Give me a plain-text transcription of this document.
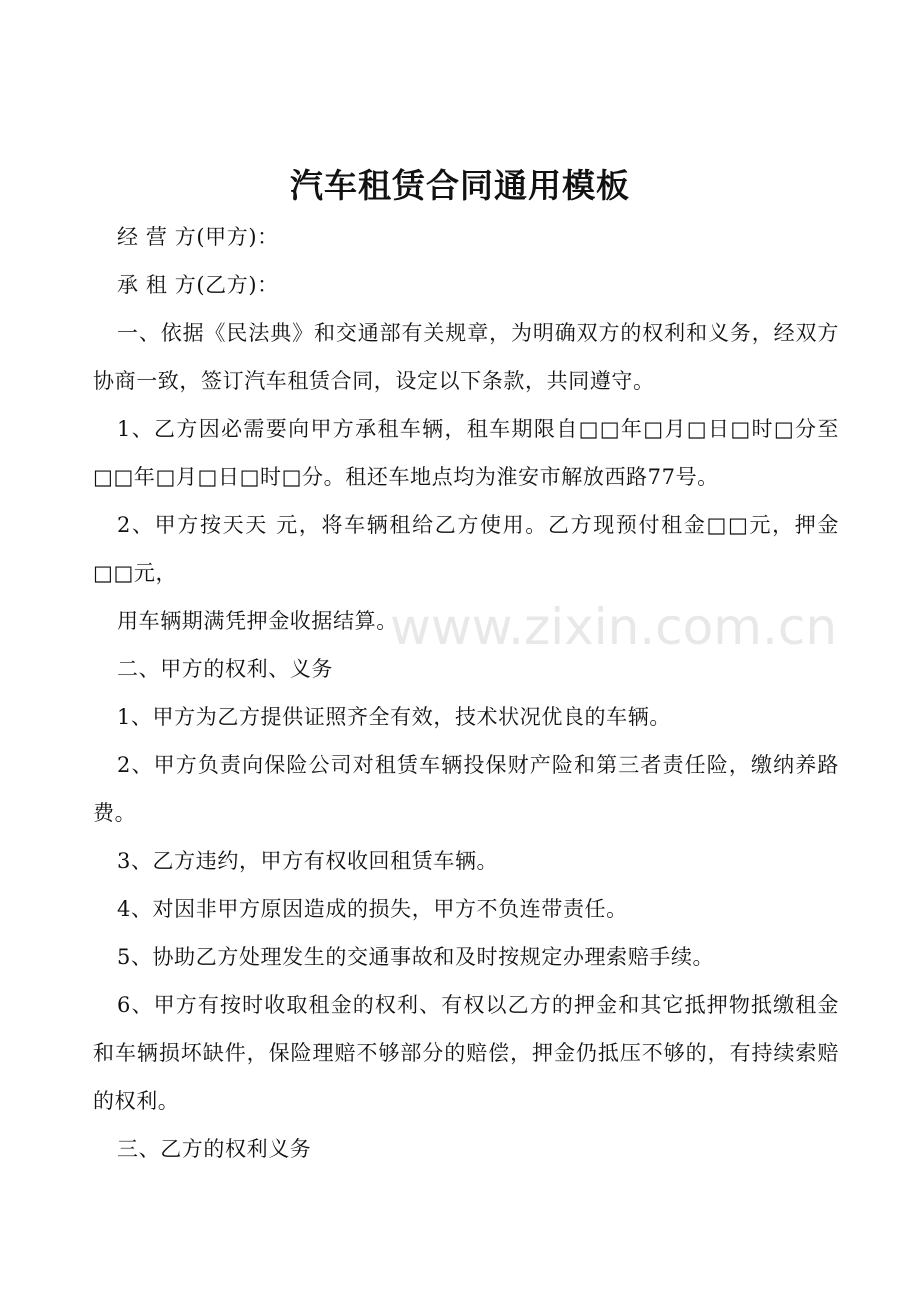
汽车租赁合同通用模板

经 营 方(甲方)：

承 租 方(乙方)：

一、依据《民法典》和交通部有关规章，为明确双方的权利和义务，经双方协商一致，签订汽车租赁合同，设定以下条款，共同遵守。

1、乙方因必需要向甲方承租车辆，租车期限自□□年□月□日□时□分至□□年□月□日□时□分。租还车地点均为淮安市解放西路77号。

2、甲方按天天 元，将车辆租给乙方使用。乙方现预付租金□□元，押金□□元，

用车辆期满凭押金收据结算。

二、甲方的权利、义务

1、甲方为乙方提供证照齐全有效，技术状况优良的车辆。

2、甲方负责向保险公司对租赁车辆投保财产险和第三者责任险，缴纳养路费。

3、乙方违约，甲方有权收回租赁车辆。

4、对因非甲方原因造成的损失，甲方不负连带责任。

5、协助乙方处理发生的交通事故和及时按规定办理索赔手续。

6、甲方有按时收取租金的权利、有权以乙方的押金和其它抵押物抵缴租金和车辆损坏缺件，保险理赔不够部分的赔偿，押金仍抵压不够的，有持续索赔的权利。

三、乙方的权利义务

www.zixin.com.cn
